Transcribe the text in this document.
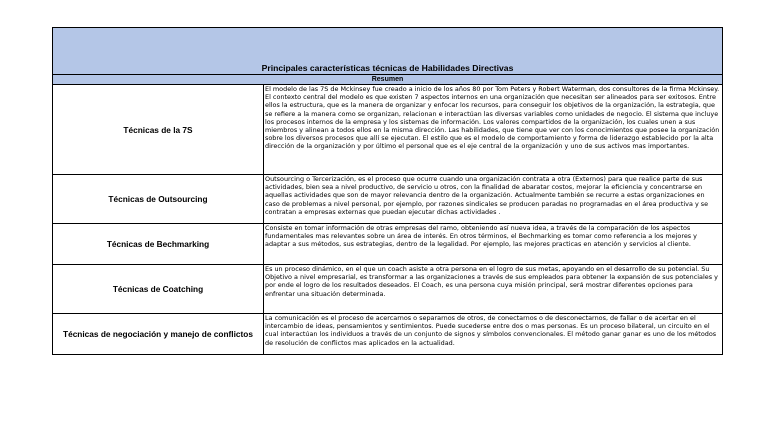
Principales características técnicas de Habilidades Directivas	

Resumen	
Técnicas de la 7S	El modelo de las 7S de Mckinsey fue creado a inicio de los años 80 por Tom Peters y Robert Waterman, dos consultores de la firma Mckinsey. El contexto central del modelo es que existen 7 aspectos internos en una organización que necesitan ser alineados para ser exitosos. Entre ellos la estructura, que es la manera de organizar y enfocar los recursos, para conseguir los objetivos de la organización, la estrategia, que se refiere a la manera como se organizan, relacionan e interactúan las diversas variables como unidades de negocio. El sistema que incluye los procesos internos de la empresa y los sistemas de información. Los valores compartidos de la organización, los cuales unen a sus miembros y alinean a todos ellos en la misma dirección. Las habilidades, que tiene que ver con los conocimientos que posee la organización sobre los diversos procesos que allí se ejecutan. El estilo que es el modelo de comportamiento y forma de liderazgo establecido por la alta dirección de la organización y por último el personal que es el eje central de la organización y uno de sus activos mas importantes.
Técnicas de Outsourcing	Outsourcing o Tercerización, es el proceso que ocurre cuando una organización contrata a otra (Externos) para que realice parte de sus actividades, bien sea a nivel productivo, de servicio u otros, con la finalidad de abaratar costos, mejorar la eficiencia y concentrarse en aquellas actividades que son de mayor relevancia dentro de la organización. Actualmente también se recurre a estas organizaciones en caso de problemas a nivel personal, por ejemplo, por razones sindicales se producen paradas no programadas en el área productiva y se contratan a empresas externas que puedan ejecutar dichas actividades .
Técnicas de Bechmarking	Consiste en tomar información de otras empresas del ramo, obteniendo así nueva idea, a través de la comparación de los aspectos fundamentales mas relevantes sobre un área de interés. En otros términos, el Bechmarking es tomar como referencia a los mejores y adaptar a sus métodos, sus estrategias, dentro de la legalidad. Por ejemplo, las mejores practicas en atención y servicios al cliente.
Técnicas de Coatching	Es un proceso dinámico, en el que un coach asiste a otra persona en el logro de sus metas, apoyando en el desarrollo de su potencial. Su Objetivo a nivel empresarial, es transformar a las organizaciones a través de sus empleados para obtener la expansión de sus potenciales y por ende el logro de los resultados deseados. El Coach, es una persona cuya misión principal, será mostrar diferentes opciones para enfrentar una situación determinada.
Técnicas de negociación y manejo de conflictos	La comunicación es el proceso de acercarnos o separarnos de otros, de conectarnos o de desconectarnos, de fallar o de acertar en el intercambio de ideas, pensamientos y sentimientos. Puede sucederse entre dos o mas personas. Es un proceso bilateral, un circuito en el cual interactúan los individuos a través de un conjunto de signos y símbolos convencionales. El método ganar ganar es uno de los métodos de resolución de conflictos mas aplicados en la actualidad.
